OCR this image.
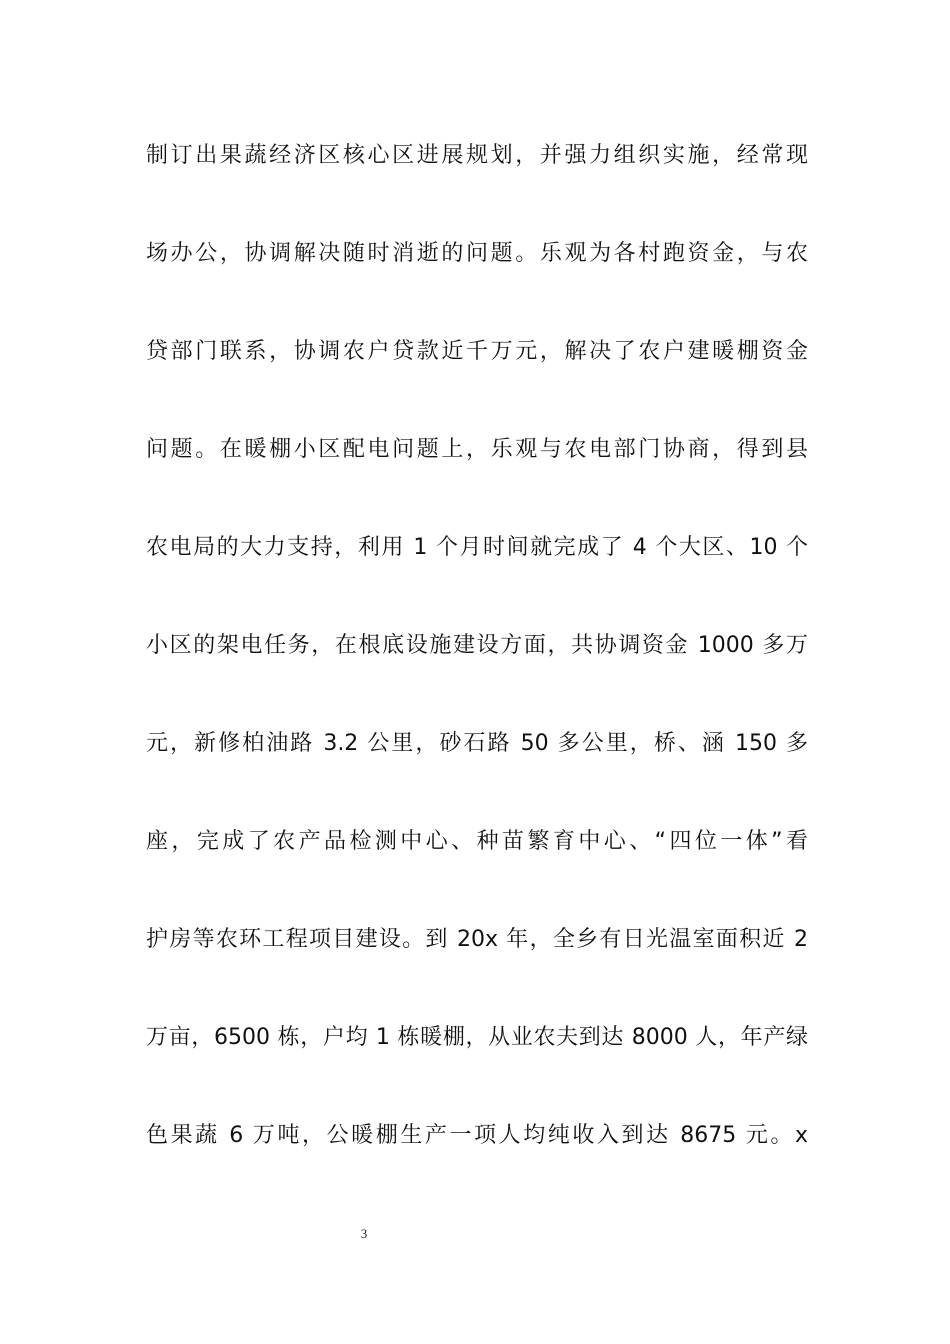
制订出果蔬经济区核心区进展规划，并强力组织实施，经常现
场办公，协调解决随时消逝的问题。乐观为各村跑资金，与农
贷部门联系，协调农户贷款近千万元，解决了农户建暖棚资金
问题。在暖棚小区配电问题上，乐观与农电部门协商，得到县
农电局的大力支持，利用 1 个月时间就完成了 4 个大区、10 个
小区的架电任务，在根底设施建设方面，共协调资金 1000 多万
元，新修柏油路 3.2 公里，砂石路 50 多公里，桥、涵 150 多
座，完成了农产品检测中心、种苗繁育中心、“四位一体”看
护房等农环工程项目建设。到 20x 年，全乡有日光温室面积近 2
万亩，6500 栋，户均 1 栋暖棚，从业农夫到达 8000 人，年产绿
色果蔬 6 万吨，公暖棚生产一项人均纯收入到达 8675 元。x
3
